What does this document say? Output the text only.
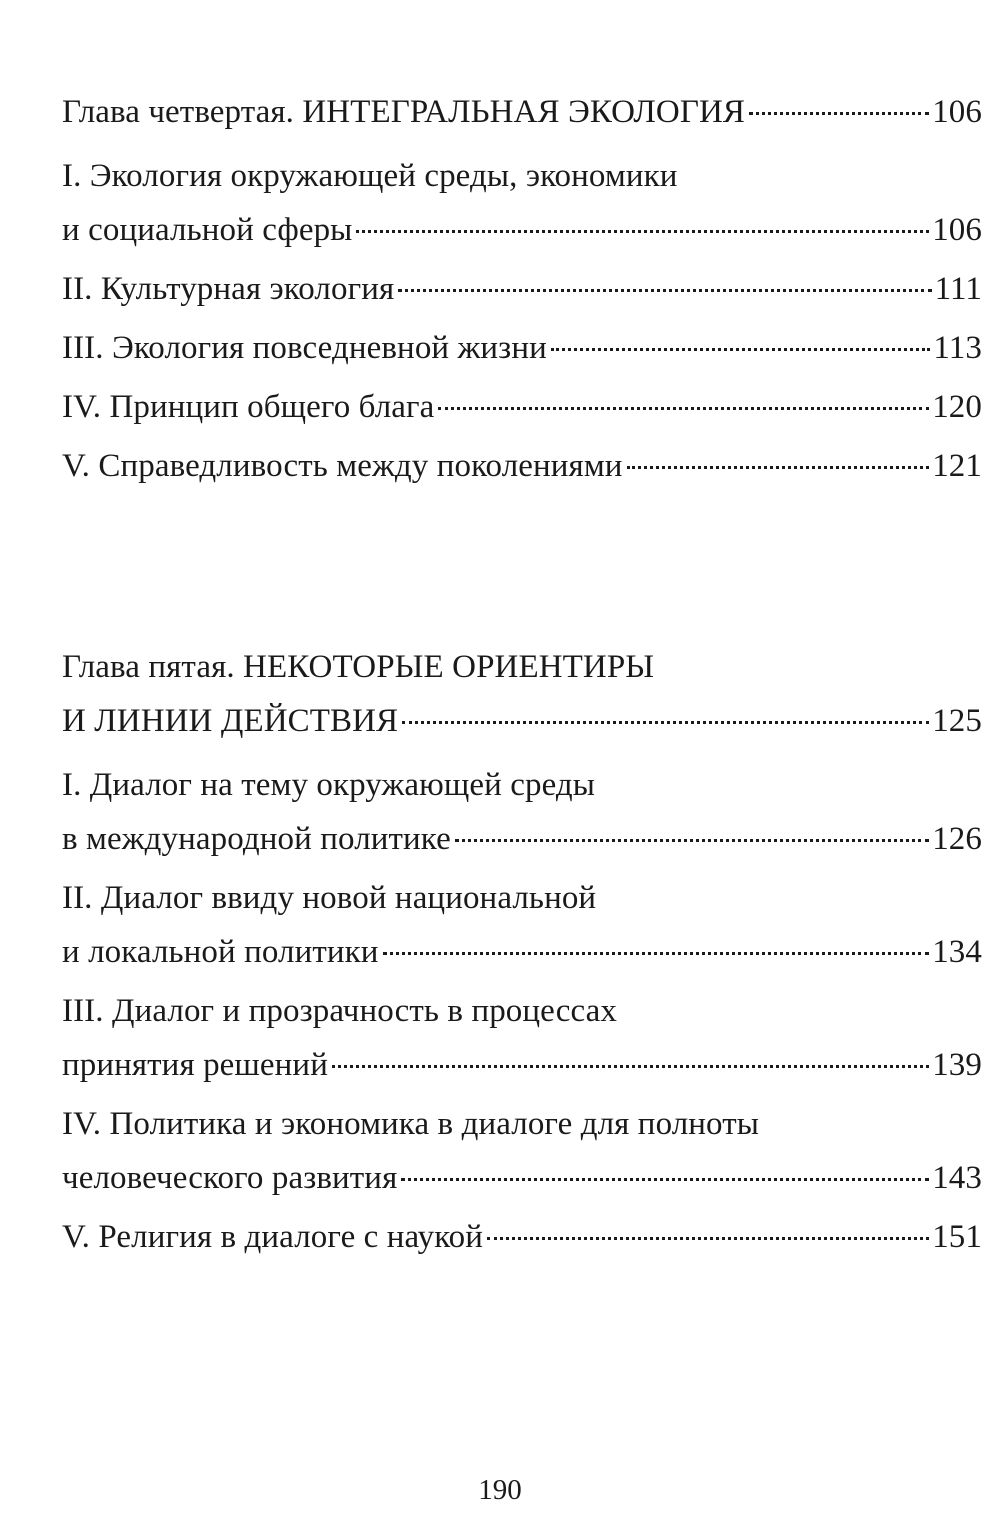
Глава четвертая. ИНТЕГРАЛЬНАЯ ЭКОЛОГИЯ	106
I. Экология окружающей среды, экономики
и социальной сферы	106
II. Культурная экология	111
III. Экология повседневной жизни	113
IV. Принцип общего блага	120
V. Справедливость между поколениями	121
Глава пятая. НЕКОТОРЫЕ ОРИЕНТИРЫ
И ЛИНИИ ДЕЙСТВИЯ	125
I. Диалог на тему окружающей среды
в международной политике	126
II. Диалог ввиду новой национальной
и локальной политики	134
III. Диалог и прозрачность в процессах
принятия решений	139
IV. Политика и экономика в диалоге для полноты
человеческого развития	143
V. Религия в диалоге с наукой	151
190
